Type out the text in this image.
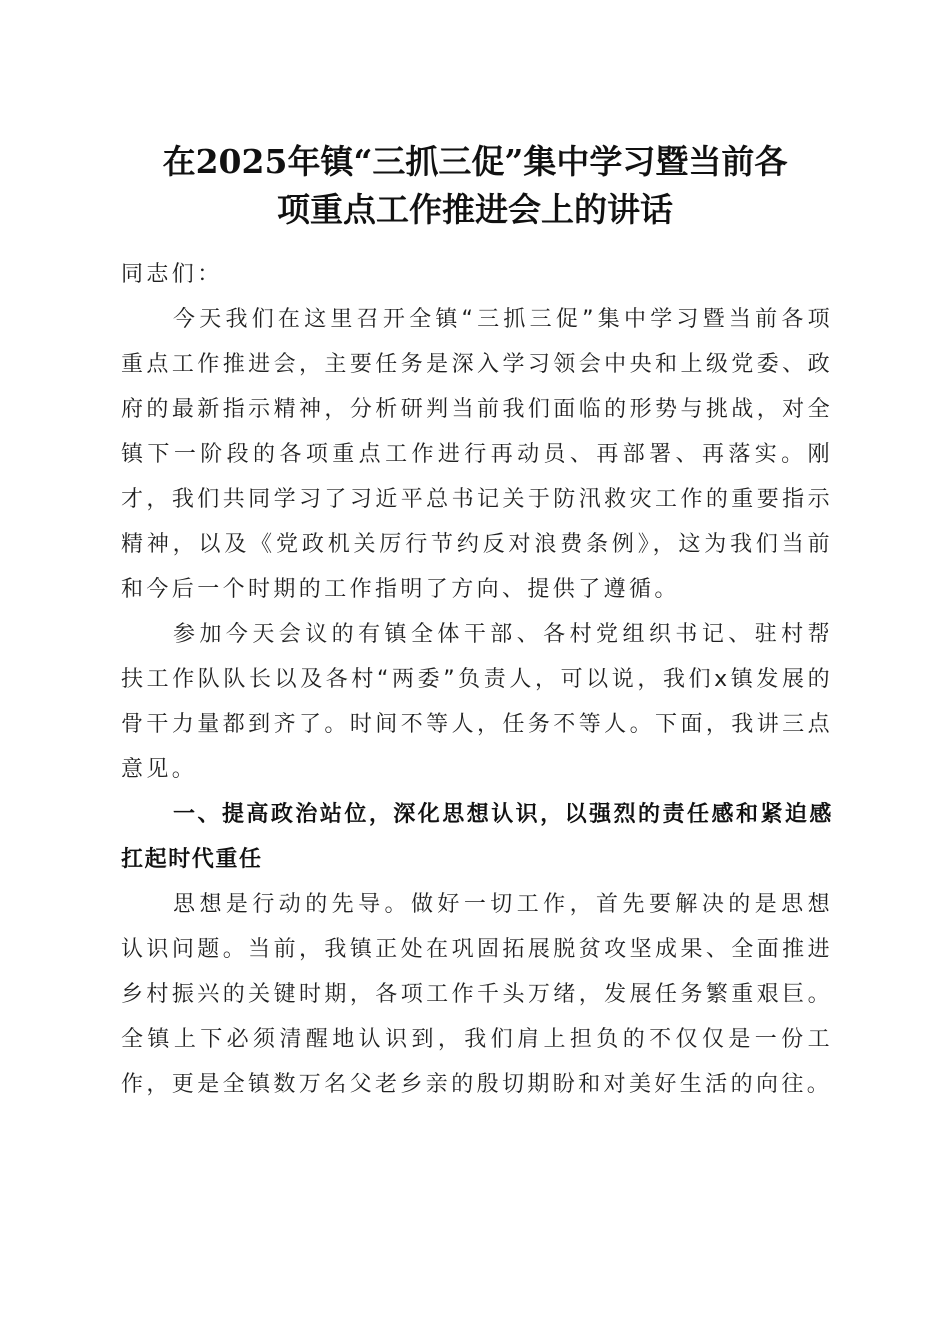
在2025年镇“三抓三促”集中学习暨当前各
项重点工作推进会上的讲话

同志们：

今天我们在这里召开全镇“三抓三促”集中学习暨当前各项重点工作推进会，主要任务是深入学习领会中央和上级党委、政府的最新指示精神，分析研判当前我们面临的形势与挑战，对全镇下一阶段的各项重点工作进行再动员、再部署、再落实。刚才，我们共同学习了习近平总书记关于防汛救灾工作的重要指示精神，以及《党政机关厉行节约反对浪费条例》，这为我们当前和今后一个时期的工作指明了方向、提供了遵循。

参加今天会议的有镇全体干部、各村党组织书记、驻村帮扶工作队队长以及各村“两委”负责人，可以说，我们x镇发展的骨干力量都到齐了。时间不等人，任务不等人。下面，我讲三点意见。

一、提高政治站位，深化思想认识，以强烈的责任感和紧迫感扛起时代重任

思想是行动的先导。做好一切工作，首先要解决的是思想认识问题。当前，我镇正处在巩固拓展脱贫攻坚成果、全面推进乡村振兴的关键时期，各项工作千头万绪，发展任务繁重艰巨。全镇上下必须清醒地认识到，我们肩上担负的不仅仅是一份工作，更是全镇数万名父老乡亲的殷切期盼和对美好生活的向往。
